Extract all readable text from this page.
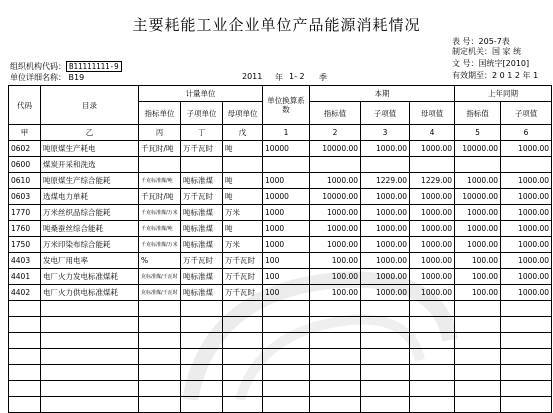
主要耗能工业企业单位产品能源消耗情况
表 号：205-7表
制定机关：国 家 统
文 号：国统字[2010]
有效期至：2 0 1 2 年 1
组织机构代码： B11111111-9
单位详细名称： B19	2011 年 1- 2 季
代码	目录	计量单位			单位换算系数	本期			上年同期	
		指标单位	子项单位	母项单位		指标值	子项值	母项值	指标值	子项值
甲	乙	丙	丁	戊	1	2	3	4	5	6
0602	吨原煤生产耗电	千瓦时/吨	万千瓦时	吨	10000	10000.00	1000.00	1000.00	10000.00	1000.00
0600	煤炭开采和洗选									
0610	吨原煤生产综合能耗	千克标准煤/吨	吨标准煤	吨	1000	1000.00	1229.00	1229.00	1000.00	1000.00
0603	选煤电力单耗	千瓦时/吨	万千瓦时	吨	10000	10000.00	1000.00	1000.00	10000.00	1000.00
1770	万米丝织品综合能耗	千克标准煤/万米	吨标准煤	万米	1000	1000.00	1000.00	1000.00	1000.00	1000.00
1760	吨桑蚕丝综合能耗	千克标准煤/吨	吨标准煤	吨	1000	1000.00	1000.00	1000.00	1000.00	1000.00
1750	万米印染布综合能耗	千克标准煤/万米	吨标准煤	万米	1000	1000.00	1000.00	1000.00	1000.00	1000.00
4403	发电厂用电率	%	万千瓦时	万千瓦时	100	100.00	1000.00	1000.00	100.00	1000.00
4401	电厂火力发电标准煤耗	克标准煤/千瓦时	吨标准煤	万千瓦时	100	100.00	1000.00	1000.00	100.00	1000.00
4402	电厂火力供电标准煤耗	克标准煤/千瓦时	吨标准煤	万千瓦时	100	100.00	1000.00	1000.00	100.00	1000.00
